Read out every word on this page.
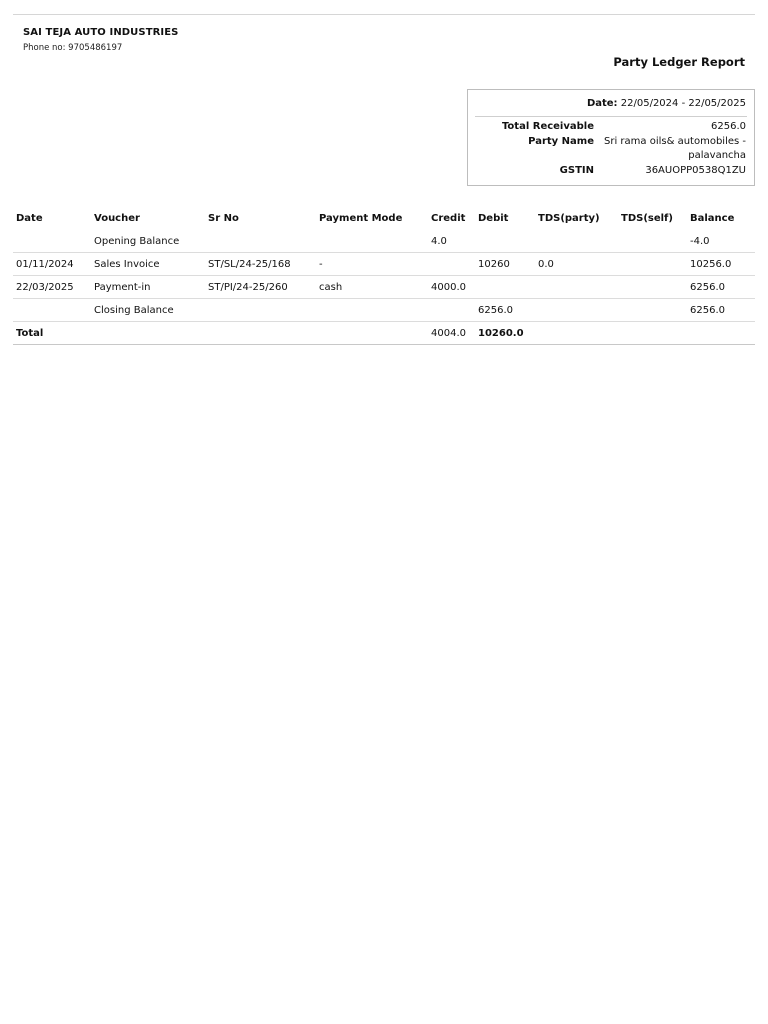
SAI TEJA AUTO INDUSTRIES
Phone no: 9705486197
Party Ledger Report
Date: 22/05/2024 - 22/05/2025
Total Receivable	6256.0
Party Name Sri rama oils& automobiles - palavancha
GSTIN	36AUOPP0538Q1ZU
Date	Voucher	Sr No	Payment Mode	Credit	Debit	TDS(party)	TDS(self)	Balance
	Opening Balance			4.0				-4.0
01/11/2024	Sales Invoice	ST/SL/24-25/168	-		10260	0.0		10256.0
22/03/2025	Payment-in	ST/PI/24-25/260	cash	4000.0				6256.0
	Closing Balance				6256.0			6256.0
Total				4004.0	10260.0			
